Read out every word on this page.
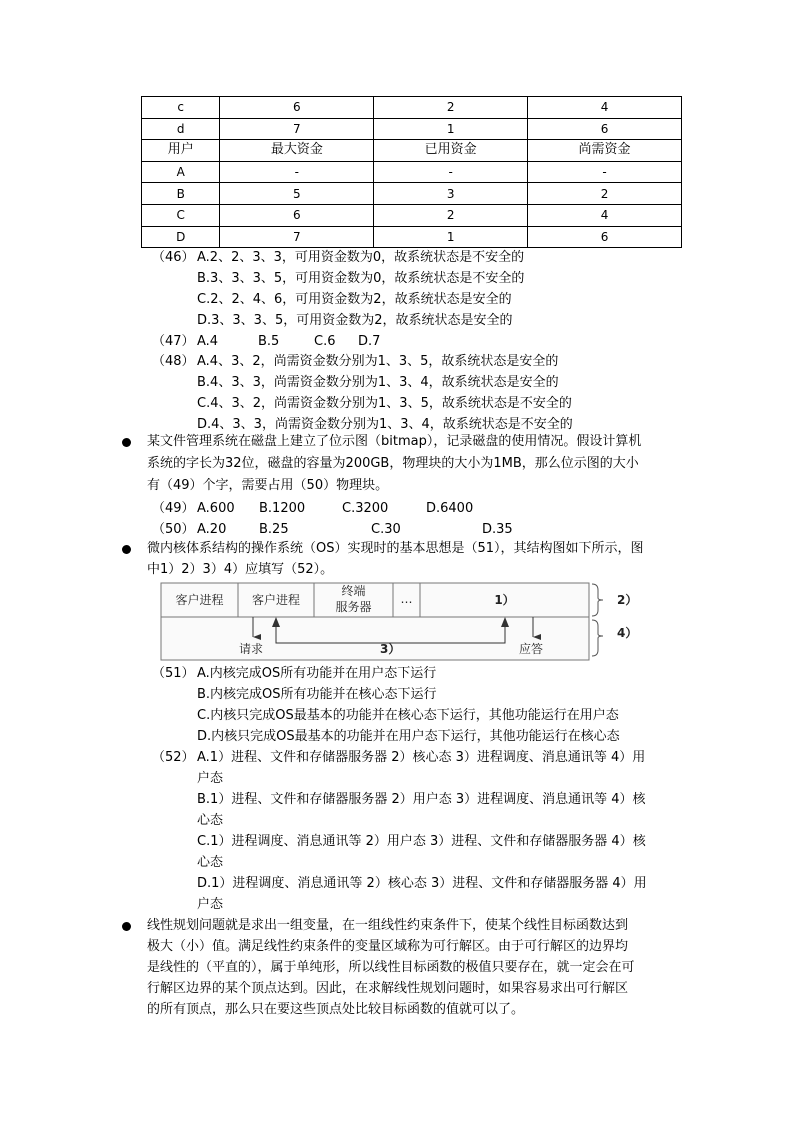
c	6	2	4
d	7	1	6
用户	最大资金	已用资金	尚需资金
A	-	-	-
B	5	3	2
C	6	2	4
D	7	1	6
（46） A.2、2、3、3，可用资金数为0，故系统状态是不安全的
B.3、3、3、5，可用资金数为0，故系统状态是不安全的
C.2、2、4、6，可用资金数为2，故系统状态是安全的
D.3、3、3、5，可用资金数为2，故系统状态是安全的
（47） A.4	B.5	C.6 D.7
（48） A.4、3、2，尚需资金数分别为1、3、5，故系统状态是安全的
B.4、3、3，尚需资金数分别为1、3、4，故系统状态是安全的
C.4、3、2，尚需资金数分别为1、3、5，故系统状态是不安全的
D.4、3、3，尚需资金数分别为1、3、4，故系统状态是不安全的
某文件管理系统在磁盘上建立了位示图（bitmap），记录磁盘的使用情况。假设计算机
系统的字长为32位，磁盘的容量为200GB，物理块的大小为1MB，那么位示图的大小
有（49）个字，需要占用（50）物理块。
（49） A.600 B.1200	C.3200	D.6400
（50） A.20	B.25	C.30	D.35
微内核体系结构的操作系统（OS）实现时的基本思想是（51），其结构图如下所示，图
中1）2）3）4）应填写（52）。
客户进程	客户进程
终端
服务器
…	1）	2）
4）
请求	3）	应答
（51） A.内核完成OS所有功能并在用户态下运行
B.内核完成OS所有功能并在核心态下运行
C.内核只完成OS最基本的功能并在核心态下运行，其他功能运行在用户态
D.内核只完成OS最基本的功能并在用户态下运行，其他功能运行在核心态
（52） A.1）进程、文件和存储器服务器 2）核心态 3）进程调度、消息通讯等 4）用
户态
B.1）进程、文件和存储器服务器 2）用户态 3）进程调度、消息通讯等 4）核
心态
C.1）进程调度、消息通讯等 2）用户态 3）进程、文件和存储器服务器 4）核
心态
D.1）进程调度、消息通讯等 2）核心态 3）进程、文件和存储器服务器 4）用
户态
线性规划问题就是求出一组变量，在一组线性约束条件下，使某个线性目标函数达到
极大（小）值。满足线性约束条件的变量区域称为可行解区。由于可行解区的边界均
是线性的（平直的），属于单纯形，所以线性目标函数的极值只要存在，就一定会在可
行解区边界的某个顶点达到。因此，在求解线性规划问题时，如果容易求出可行解区
的所有顶点，那么只在要这些顶点处比较目标函数的值就可以了。
